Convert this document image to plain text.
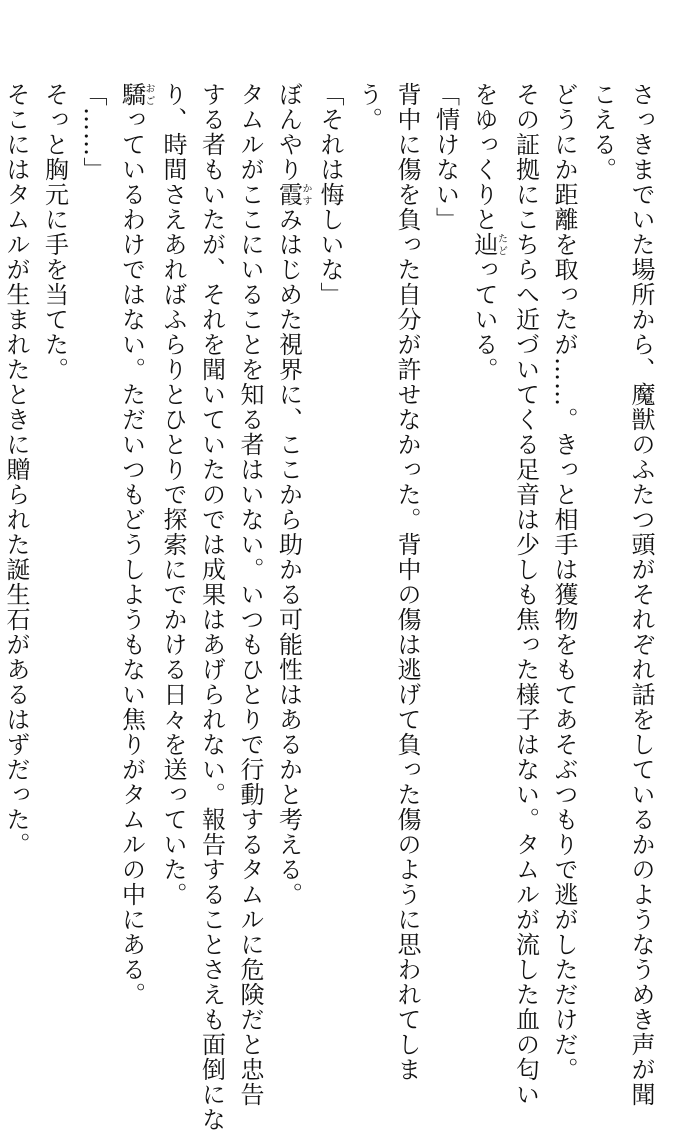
さっきまでいた場所から、魔獣のふたつ頭がそれぞれ話をしているかのようなうめき声が聞

こえる。

どうにか距離を取ったが……。きっと相手は獲物をもてあそぶつもりで逃がしただけだ。

その証拠にこちらへ近づいてくる足音は少しも焦った様子はない。タムルが流した血の匂い

をゆっくりと辿たどっている。

「情けない」

背中に傷を負った自分が許せなかった。背中の傷は逃げて負った傷のように思われてしま

う。

「それは悔しいな」

ぼんやり霞かすみはじめた視界に、ここから助かる可能性はあるかと考える。

タムルがここにいることを知る者はいない。いつもひとりで行動するタムルに危険だと忠告

する者もいたが、それを聞いていたのでは成果はあげられない。報告することさえも面倒にな

り、時間さえあればふらりとひとりで探索にでかける日々を送っていた。

驕おごっているわけではない。ただいつもどうしようもない焦りがタムルの中にある。

「……」

そっと胸元に手を当てた。

そこにはタムルが生まれたときに贈られた誕生石があるはずだった。
